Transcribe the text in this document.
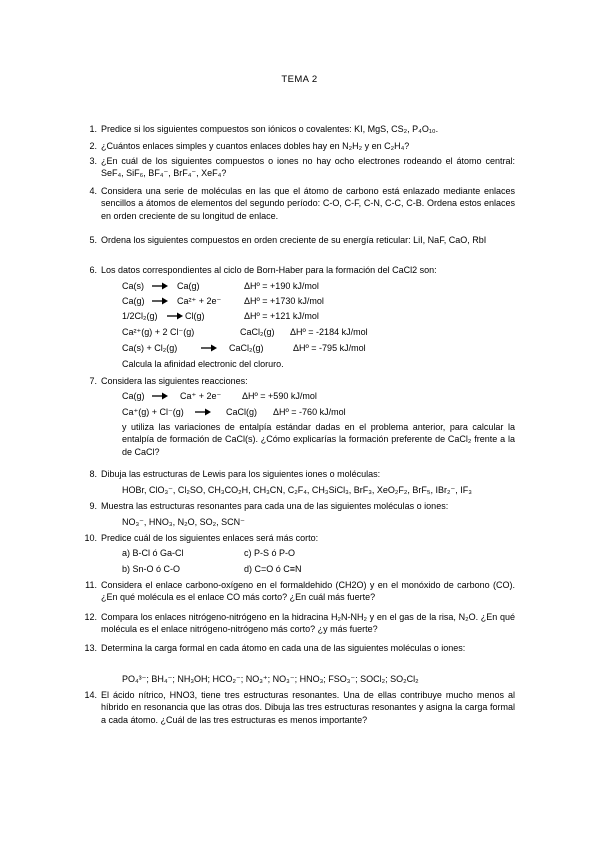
TEMA 2
1. Predice si los siguientes compuestos son iónicos o covalentes: KI, MgS, CS₂, P₄O₁₀.
2. ¿Cuántos enlaces simples y cuantos enlaces dobles hay en N₂H₂ y en C₂H₄?
3. ¿En cuál de los siguientes compuestos o iones no hay ocho electrones rodeando el átomo central: SeF₄, SiF₆, BF₄⁻, BrF₄⁻, XeF₄?
4. Considera una serie de moléculas en las que el átomo de carbono está enlazado mediante enlaces sencillos a átomos de elementos del segundo período: C-O, C-F, C-N, C-C, C-B. Ordena estos enlaces en orden creciente de su longitud de enlace.
5. Ordena los siguientes compuestos en orden creciente de su energía reticular: LiI, NaF, CaO, RbI
6. Los datos correspondientes al ciclo de Born-Haber para la formación del CaCl2 son:
Ca(s) → Ca(g)	ΔHº = +190 kJ/mol
Ca(g) → Ca²⁺ + 2e⁻	ΔHº = +1730 kJ/mol
1/2Cl₂(g) → Cl(g)	ΔHº = +121 kJ/mol
Ca²⁺(g) + 2 Cl⁻(g)	CaCl₂(g) ΔHº = -2184 kJ/mol
Ca(s) + Cl₂(g) → CaCl₂(g)	ΔHº = -795 kJ/mol
Calcula la afinidad electronic del cloruro.
7. Considera las siguientes reacciones:
Ca(g) → Ca⁺ + 2e⁻ ΔHº = +590 kJ/mol
Ca⁺(g) + Cl⁻(g) → CaCl(g) ΔHº = -760 kJ/mol
y utiliza las variaciones de entalpía estándar dadas en el problema anterior, para calcular la entalpía de formación de CaCl(s). ¿Cómo explicarías la formación preferente de CaCl₂ frente a la de CaCl?
8. Dibuja las estructuras de Lewis para los siguientes iones o moléculas:
HOBr, ClO₃⁻, Cl₂SO, CH₃CO₂H, CH₃CN, C₂F₄, CH₃SiCl₃, BrF₃, XeO₂F₂, BrF₅, IBr₂⁻, IF₃
9. Muestra las estructuras resonantes para cada una de las siguientes moléculas o iones:
NO₃⁻, HNO₃, N₂O, SO₂, SCN⁻
10. Predice cuál de los siguientes enlaces será más corto:
a) B-Cl ó Ga-Cl	c) P-S ó P-O
b) Sn-O ó C-O	d) C=O ó C≡N
11. Considera el enlace carbono-oxígeno en el formaldehido (CH2O) y en el monóxido de carbono (CO). ¿En qué molécula es el enlace CO más corto? ¿En cuál más fuerte?
12. Compara los enlaces nitrógeno-nitrógeno en la hidracina H₂N-NH₂ y en el gas de la risa, N₂O. ¿En qué molécula es el enlace nitrógeno-nitrógeno más corto? ¿y más fuerte?
13. Determina la carga formal en cada átomo en cada una de las siguientes moléculas o iones:
PO₄³⁻; BH₄⁻; NH₃OH; HCO₂⁻; NO₃⁺; NO₃⁻; HNO₃; FSO₃⁻; SOCl₂; SO₂Cl₂
14. El ácido nítrico, HNO3, tiene tres estructuras resonantes. Una de ellas contribuye mucho menos al híbrido en resonancia que las otras dos. Dibuja las tres estructuras resonantes y asigna la carga formal a cada átomo. ¿Cuál de las tres estructuras es menos importante?
